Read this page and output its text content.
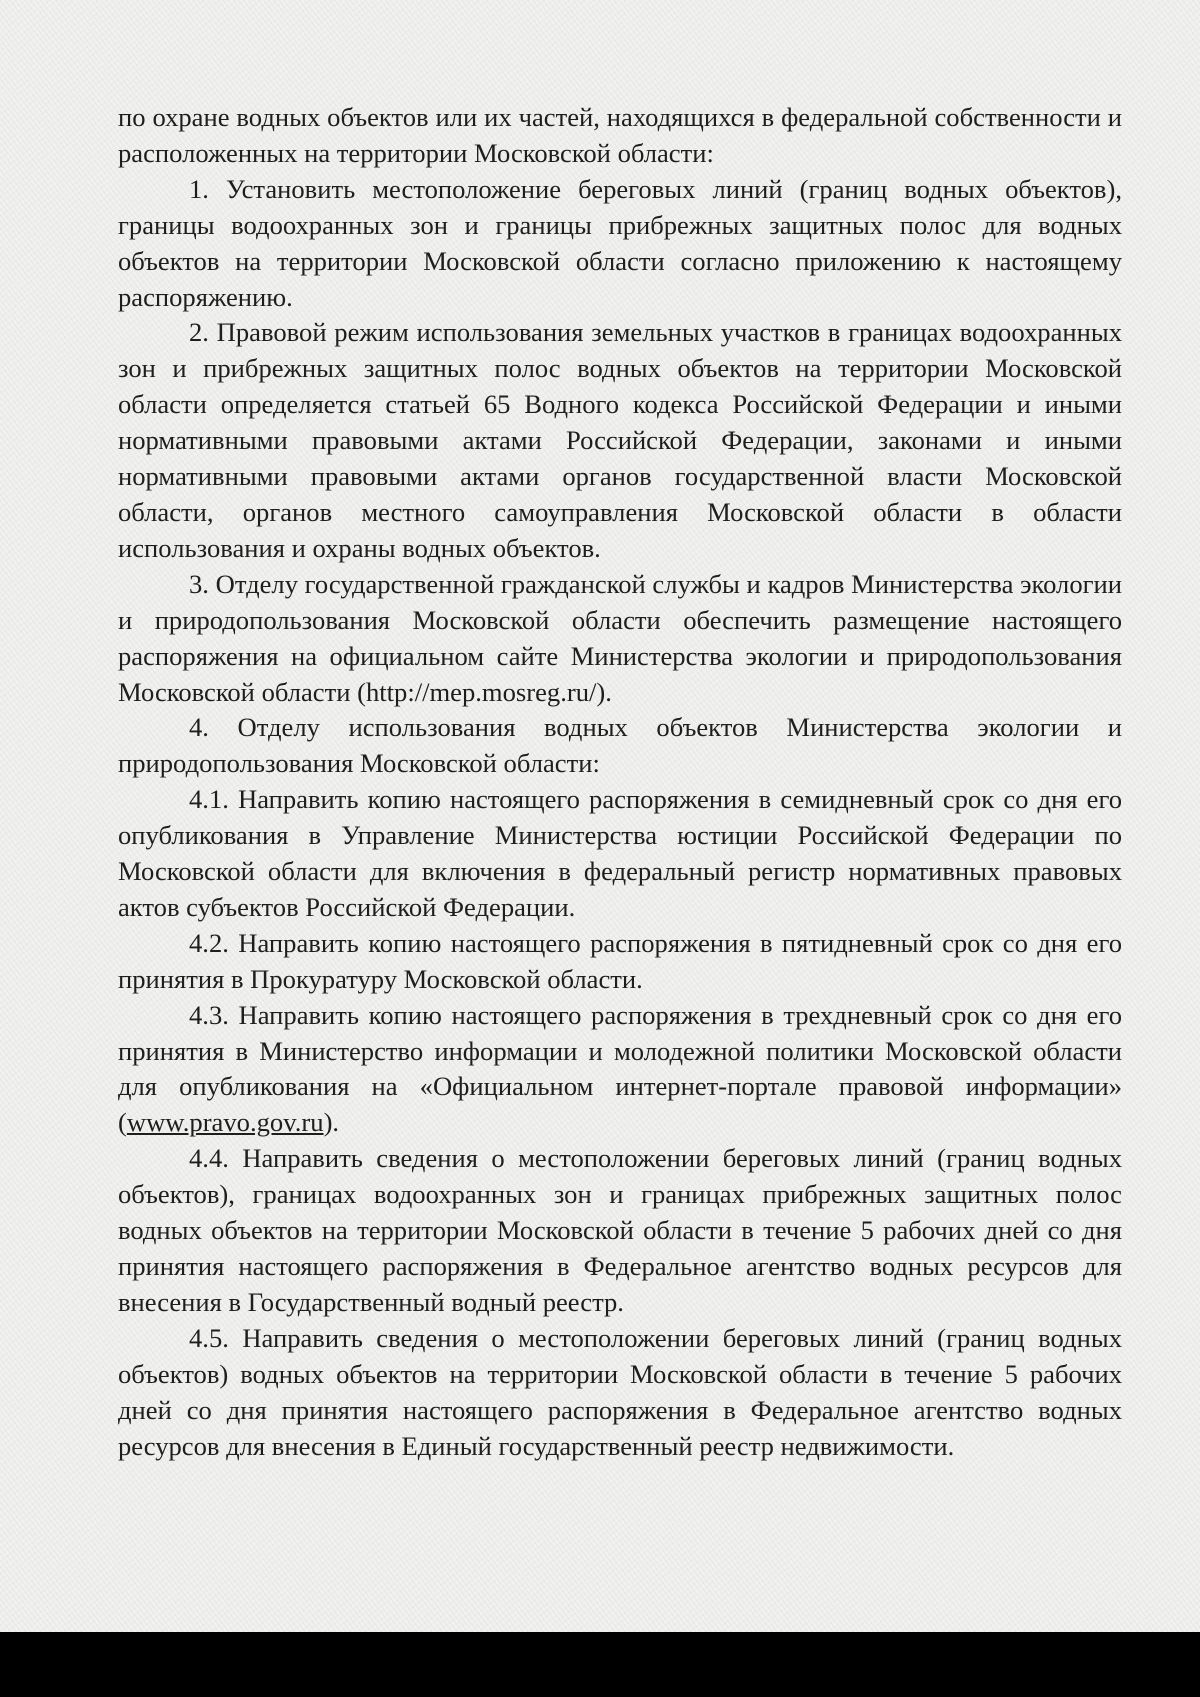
по охране водных объектов или их частей, находящихся в федеральной собственности и расположенных на территории Московской области:

1. Установить местоположение береговых линий (границ водных объектов), границы водоохранных зон и границы прибрежных защитных полос для водных объектов на территории Московской области согласно приложению к настоящему распоряжению.

2. Правовой режим использования земельных участков в границах водоохранных зон и прибрежных защитных полос водных объектов на территории Московской области определяется статьей 65 Водного кодекса Российской Федерации и иными нормативными правовыми актами Российской Федерации, законами и иными нормативными правовыми актами органов государственной власти Московской области, органов местного самоуправления Московской области в области использования и охраны водных объектов.

3. Отделу государственной гражданской службы и кадров Министерства экологии и природопользования Московской области обеспечить размещение настоящего распоряжения на официальном сайте Министерства экологии и природопользования Московской области (http://mep.mosreg.ru/).

4. Отделу использования водных объектов Министерства экологии и природопользования Московской области:

4.1. Направить копию настоящего распоряжения в семидневный срок со дня его опубликования в Управление Министерства юстиции Российской Федерации по Московской области для включения в федеральный регистр нормативных правовых актов субъектов Российской Федерации.

4.2. Направить копию настоящего распоряжения в пятидневный срок со дня его принятия в Прокуратуру Московской области.

4.3. Направить копию настоящего распоряжения в трехдневный срок со дня его принятия в Министерство информации и молодежной политики Московской области для опубликования на «Официальном интернет-портале правовой информации» (www.pravo.gov.ru).

4.4. Направить сведения о местоположении береговых линий (границ водных объектов), границах водоохранных зон и границах прибрежных защитных полос водных объектов на территории Московской области в течение 5 рабочих дней со дня принятия настоящего распоряжения в Федеральное агентство водных ресурсов для внесения в Государственный водный реестр.

4.5. Направить сведения о местоположении береговых линий (границ водных объектов) водных объектов на территории Московской области в течение 5 рабочих дней со дня принятия настоящего распоряжения в Федеральное агентство водных ресурсов для внесения в Единый государственный реестр недвижимости.
